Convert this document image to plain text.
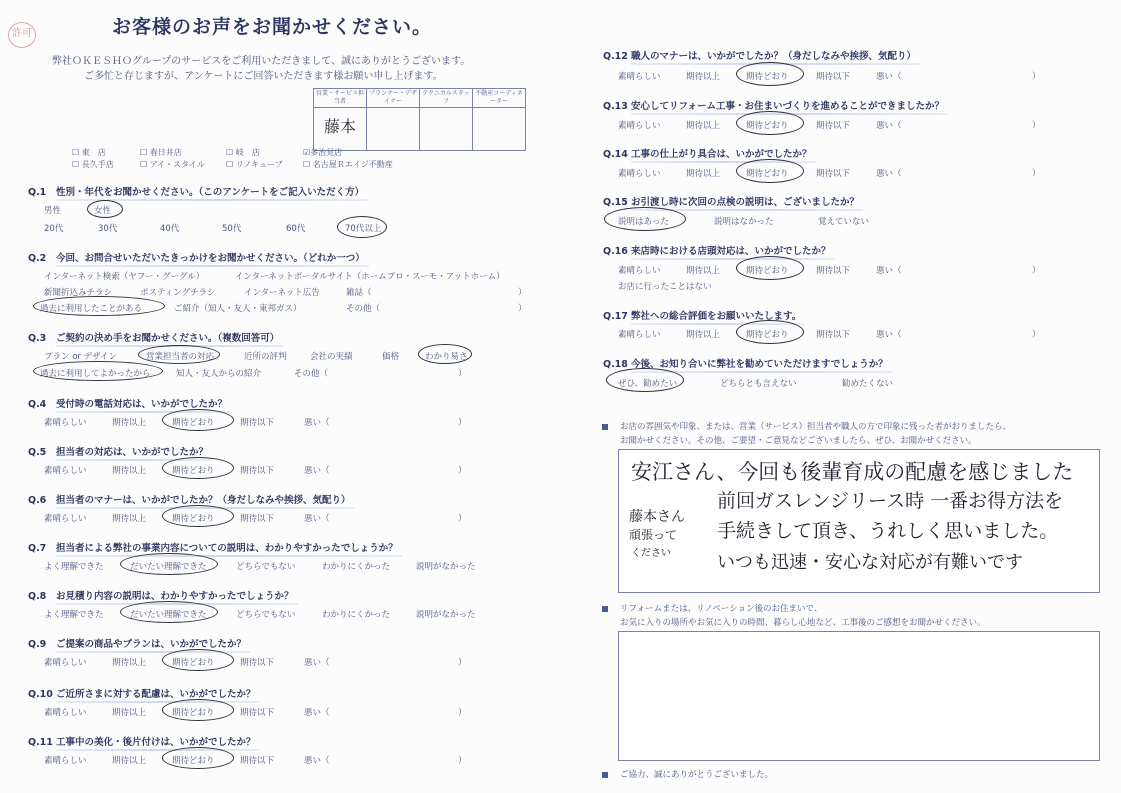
許可	お客様のお声をお聞かせください。
弊社ＯＫＥＳＨＯグループのサービスをご利用いただきまして、誠にありがとうございます。
ご多忙と存じますが、アンケートにご回答いただきます様お願い申し上げます。
営業・サービス担当者	プランナー・デザイナー	テクニカルスタッフ	不動産コーディネーター
藤本			
☐ 東　店	☐ 春日井店	☐ 岐　店	☑多治見店
☐ 長久手店	☐ アイ・スタイル	☐ リノキューブ	☐ 名古屋Ｒエイジ不動産
Q.1 性別・年代をお聞かせください。（このアンケートをご記入いただく方）
男性	女性
20代	30代	40代	50代	60代	70代以上
Q.2 今回、お問合せいただいたきっかけをお聞かせください。（どれか一つ）
インターネット検索（ヤフー・グーグル）	インターネットポータルサイト（ホームプロ・スーモ・アットホーム）
新聞折込みチラシ	ポスティングチラシ	インターネット広告	雑誌（	）
過去に利用したことがある	ご紹介（知人・友人・東邦ガス）	その他（	）
Q.3 ご契約の決め手をお聞かせください。（複数回答可）
プラン or デザイン	営業担当者の対応	近所の評判	会社の実績	価格	わかり易さ
過去に利用してよかったから	知人・友人からの紹介	その他（	）
Q.4 受付時の電話対応は、いかがでしたか？
素晴らしい	期待以上	期待どおり	期待以下	悪い（	）
Q.5 担当者の対応は、いかがでしたか？
素晴らしい	期待以上	期待どおり	期待以下	悪い（	）
Q.6 担当者のマナーは、いかがでしたか？（身だしなみや挨拶、気配り）
素晴らしい	期待以上	期待どおり	期待以下	悪い（	）
Q.7 担当者による弊社の事業内容についての説明は、わかりやすかったでしょうか？
よく理解できた	だいたい理解できた	どちらでもない	わかりにくかった	説明がなかった
Q.8 お見積り内容の説明は、わかりやすかったでしょうか？
よく理解できた	だいたい理解できた	どちらでもない	わかりにくかった	説明がなかった
Q.9 ご提案の商品やプランは、いかがでしたか？
素晴らしい	期待以上	期待どおり	期待以下	悪い（	）
Q.10 ご近所さまに対する配慮は、いかがでしたか？
素晴らしい	期待以上	期待どおり	期待以下	悪い（	）
Q.11 工事中の美化・後片付けは、いかがでしたか？
素晴らしい	期待以上	期待どおり	期待以下	悪い（	）
Q.12 職人のマナーは、いかがでしたか？（身だしなみや挨拶、気配り）
素晴らしい	期待以上	期待どおり	期待以下	悪い（	）
Q.13 安心してリフォーム工事・お住まいづくりを進めることができましたか？
素晴らしい	期待以上	期待どおり	期待以下	悪い（	）
Q.14 工事の仕上がり具合は、いかがでしたか？
素晴らしい	期待以上	期待どおり	期待以下	悪い（	）
Q.15 お引渡し時に次回の点検の説明は、ございましたか？
説明はあった	説明はなかった	覚えていない
Q.16 来店時における店頭対応は、いかがでしたか？
素晴らしい	期待以上	期待どおり	期待以下	悪い（	）
お店に行ったことはない
Q.17 弊社への総合評価をお願いいたします。
素晴らしい	期待以上	期待どおり	期待以下	悪い（	）
Q.18 今後、お知り合いに弊社を勧めていただけますでしょうか？
ぜひ、勧めたい	どちらとも言えない	勧めたくない
お店の雰囲気や印象、または、営業（サービス）担当者や職人の方で印象に残った者がおりましたら、
お聞かせください。その他、ご要望・ご意見などございましたら、ぜひ、お聞かせください。
安江さん、今回も後輩育成の配慮を感じました
前回ガスレンジリース時 一番お得方法を
手続きして頂き、うれしく思いました。
いつも迅速・安心な対応が有難いです
藤本さん
頑張って
ください
リフォームまたは、リノベーション後のお住まいで、
お気に入りの場所やお気に入りの時間、暮らし心地など、工事後のご感想をお聞かせください。
ご協力、誠にありがとうございました。
